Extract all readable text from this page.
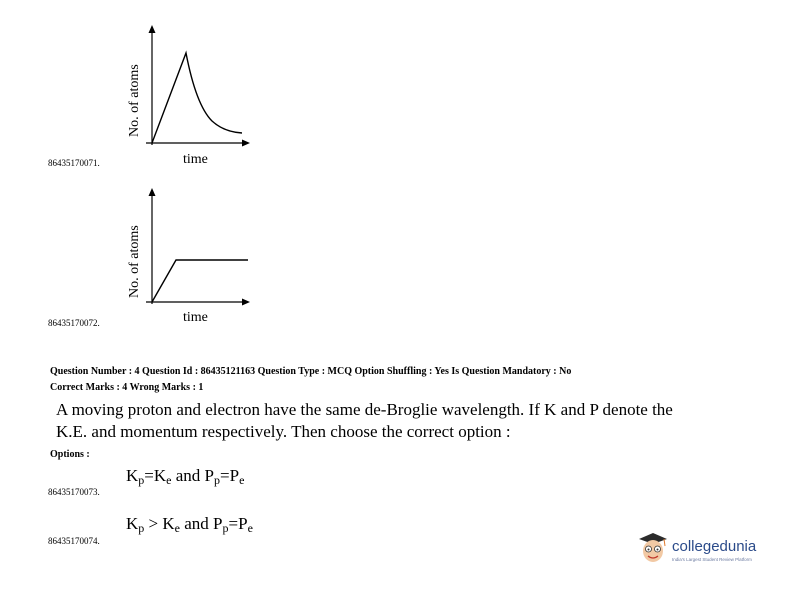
No. of atoms
time
86435170071.
No. of atoms
time
86435170072.
Question Number : 4 Question Id : 86435121163 Question Type : MCQ Option Shuffling : Yes Is Question Mandatory : No
Correct Marks : 4 Wrong Marks : 1
A moving proton and electron have the same de-Broglie wavelength. If K and P denote the
K.E. and momentum respectively. Then choose the correct option :
Options :
$K_p=K_e$ and $P_p=P_e$
86435170073.
$K_p > K_e$ and $P_p=P_e$
86435170074.	collegedunia
India's Largest Student Review Platform
